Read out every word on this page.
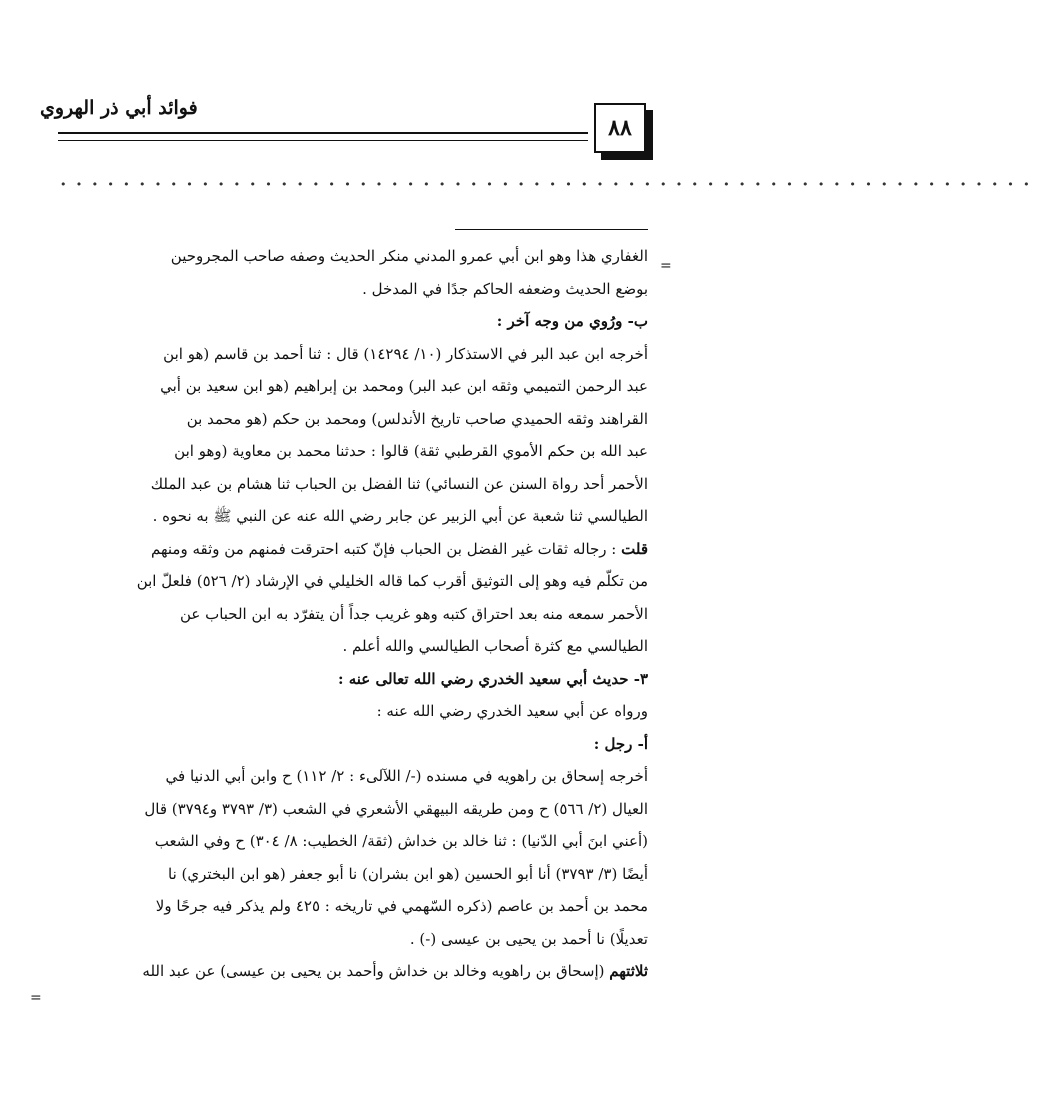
فوائد أبي ذر الهروي
٨٨
••••••••••••••••••••••••••••••••••••••••••••••••••••••••••••••
=
=

الغفاري هذا وهو ابن أبي عمرو المدني منكر الحديث وصفه صاحب المجروحين

بوضع الحديث وضعفه الحاكم جدًا في المدخل .

ب- ورُوي من وجه آخر :

أخرجه ابن عبد البر في الاستذكار (١٠/ ١٤٢٩٤) قال : ثنا أحمد بن قاسم (هو ابن

عبد الرحمن التميمي وثقه ابن عبد البر) ومحمد بن إبراهيم (هو ابن سعيد بن أبي

القراهند وثقه الحميدي صاحب تاريخ الأندلس) ومحمد بن حكم (هو محمد بن

عبد الله بن حكم الأموي القرطبي ثقة) قالوا : حدثنا محمد بن معاوية (وهو ابن

الأحمر أحد رواة السنن عن النسائي) ثنا الفضل بن الحباب ثنا هشام بن عبد الملك

الطيالسي ثنا شعبة عن أبي الزبير عن جابر رضي الله عنه عن النبي ﷺ به نحوه .

قلت : رجاله ثقات غير الفضل بن الحباب فإنّ كتبه احترقت فمنهم من وثقه ومنهم

من تكلّم فيه وهو إلى التوثيق أقرب كما قاله الخليلي في الإرشاد (٢/ ٥٢٦) فلعلّ ابن

الأحمر سمعه منه بعد احتراق كتبه وهو غريب جداً أن يتفرّد به ابن الحباب عن

الطيالسي مع كثرة أصحاب الطيالسي والله أعلم .

٣- حديث أبي سعيد الخدري رضي الله تعالى عنه :

ورواه عن أبي سعيد الخدري رضي الله عنه :

أ- رجل :

أخرجه إسحاق بن راهويه في مسنده (-/ اللآلىء : ٢/ ١١٢) ح وابن أبي الدنيا في

العيال (٢/ ٥٦٦) ح ومن طريقه البيهقي الأشعري في الشعب (٣/ ٣٧٩٣ و٣٧٩٤) قال

(أعني ابنَ أبي الدّنيا) : ثنا خالد بن خداش (ثقة/ الخطيب: ٨/ ٣٠٤) ح وفي الشعب

أيضًا (٣/ ٣٧٩٣) أنا أبو الحسين (هو ابن بشران) نا أبو جعفر (هو ابن البختري) نا

محمد بن أحمد بن عاصم (ذكره السّهمي في تاريخه : ٤٢٥ ولم يذكر فيه جرحًا ولا

تعديلًا) نا أحمد بن يحيى بن عيسى (-) .

ثلاثتهم (إسحاق بن راهويه وخالد بن خداش وأحمد بن يحيى بن عيسى) عن عبد الله
